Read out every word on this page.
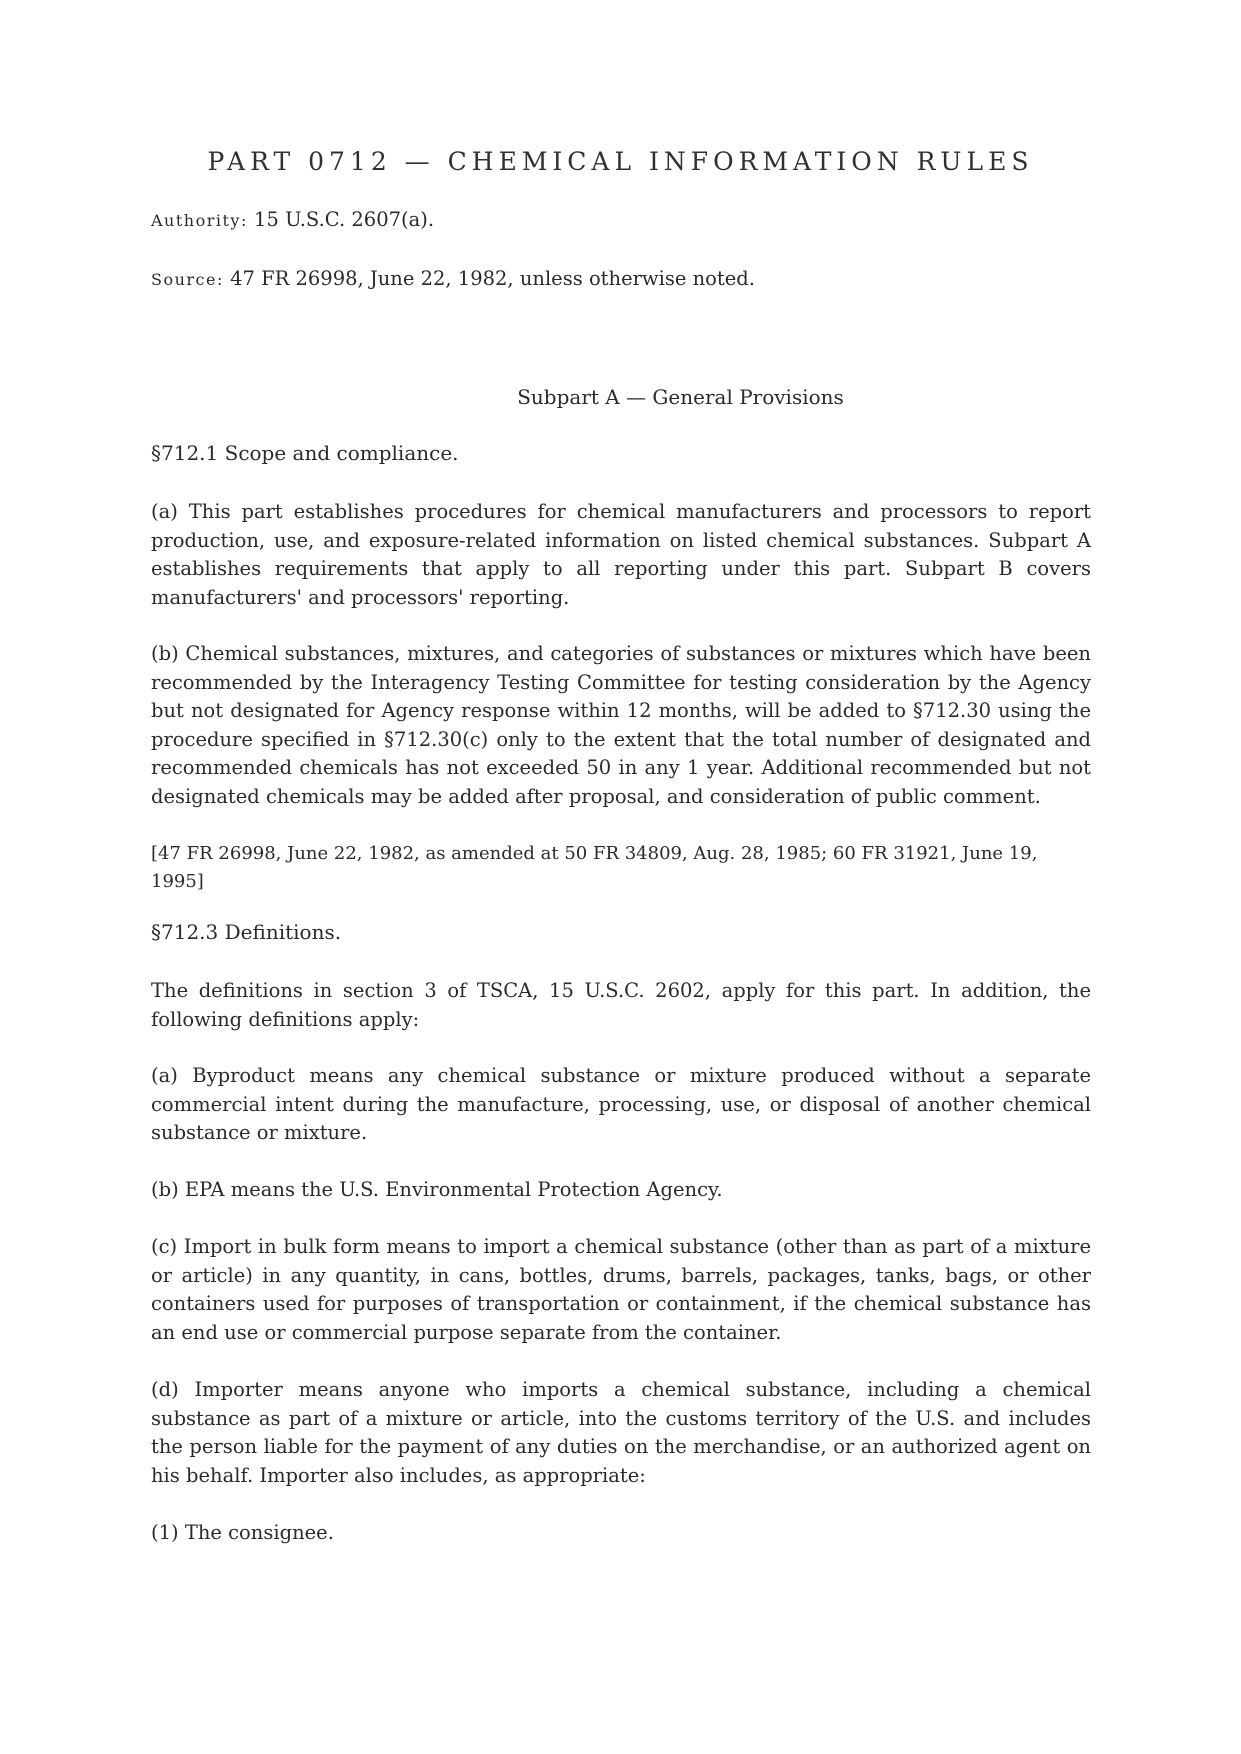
PART 0712 — CHEMICAL INFORMATION RULES

Authority: 15 U.S.C. 2607(a).

Source: 47 FR 26998, June 22, 1982, unless otherwise noted.

Subpart A — General Provisions
§712.1 Scope and compliance.

(a) This part establishes procedures for chemical manufacturers and processors to report production, use, and exposure-related information on listed chemical substances. Subpart A establishes requirements that apply to all reporting under this part. Subpart B covers manufacturers' and processors' reporting.

(b) Chemical substances, mixtures, and categories of substances or mixtures which have been recommended by the Interagency Testing Committee for testing consideration by the Agency but not designated for Agency response within 12 months, will be added to §712.30 using the procedure specified in §712.30(c) only to the extent that the total number of designated and recommended chemicals has not exceeded 50 in any 1 year. Additional recommended but not designated chemicals may be added after proposal, and consideration of public comment.

[47 FR 26998, June 22, 1982, as amended at 50 FR 34809, Aug. 28, 1985; 60 FR 31921, June 19, 1995]

§712.3 Definitions.

The definitions in section 3 of TSCA, 15 U.S.C. 2602, apply for this part. In addition, the following definitions apply:

(a) Byproduct means any chemical substance or mixture produced without a separate commercial intent during the manufacture, processing, use, or disposal of another chemical substance or mixture.

(b) EPA means the U.S. Environmental Protection Agency.

(c) Import in bulk form means to import a chemical substance (other than as part of a mixture or article) in any quantity, in cans, bottles, drums, barrels, packages, tanks, bags, or other containers used for purposes of transportation or containment, if the chemical substance has an end use or commercial purpose separate from the container.

(d) Importer means anyone who imports a chemical substance, including a chemical substance as part of a mixture or article, into the customs territory of the U.S. and includes the person liable for the payment of any duties on the merchandise, or an authorized agent on his behalf. Importer also includes, as appropriate:

(1) The consignee.
